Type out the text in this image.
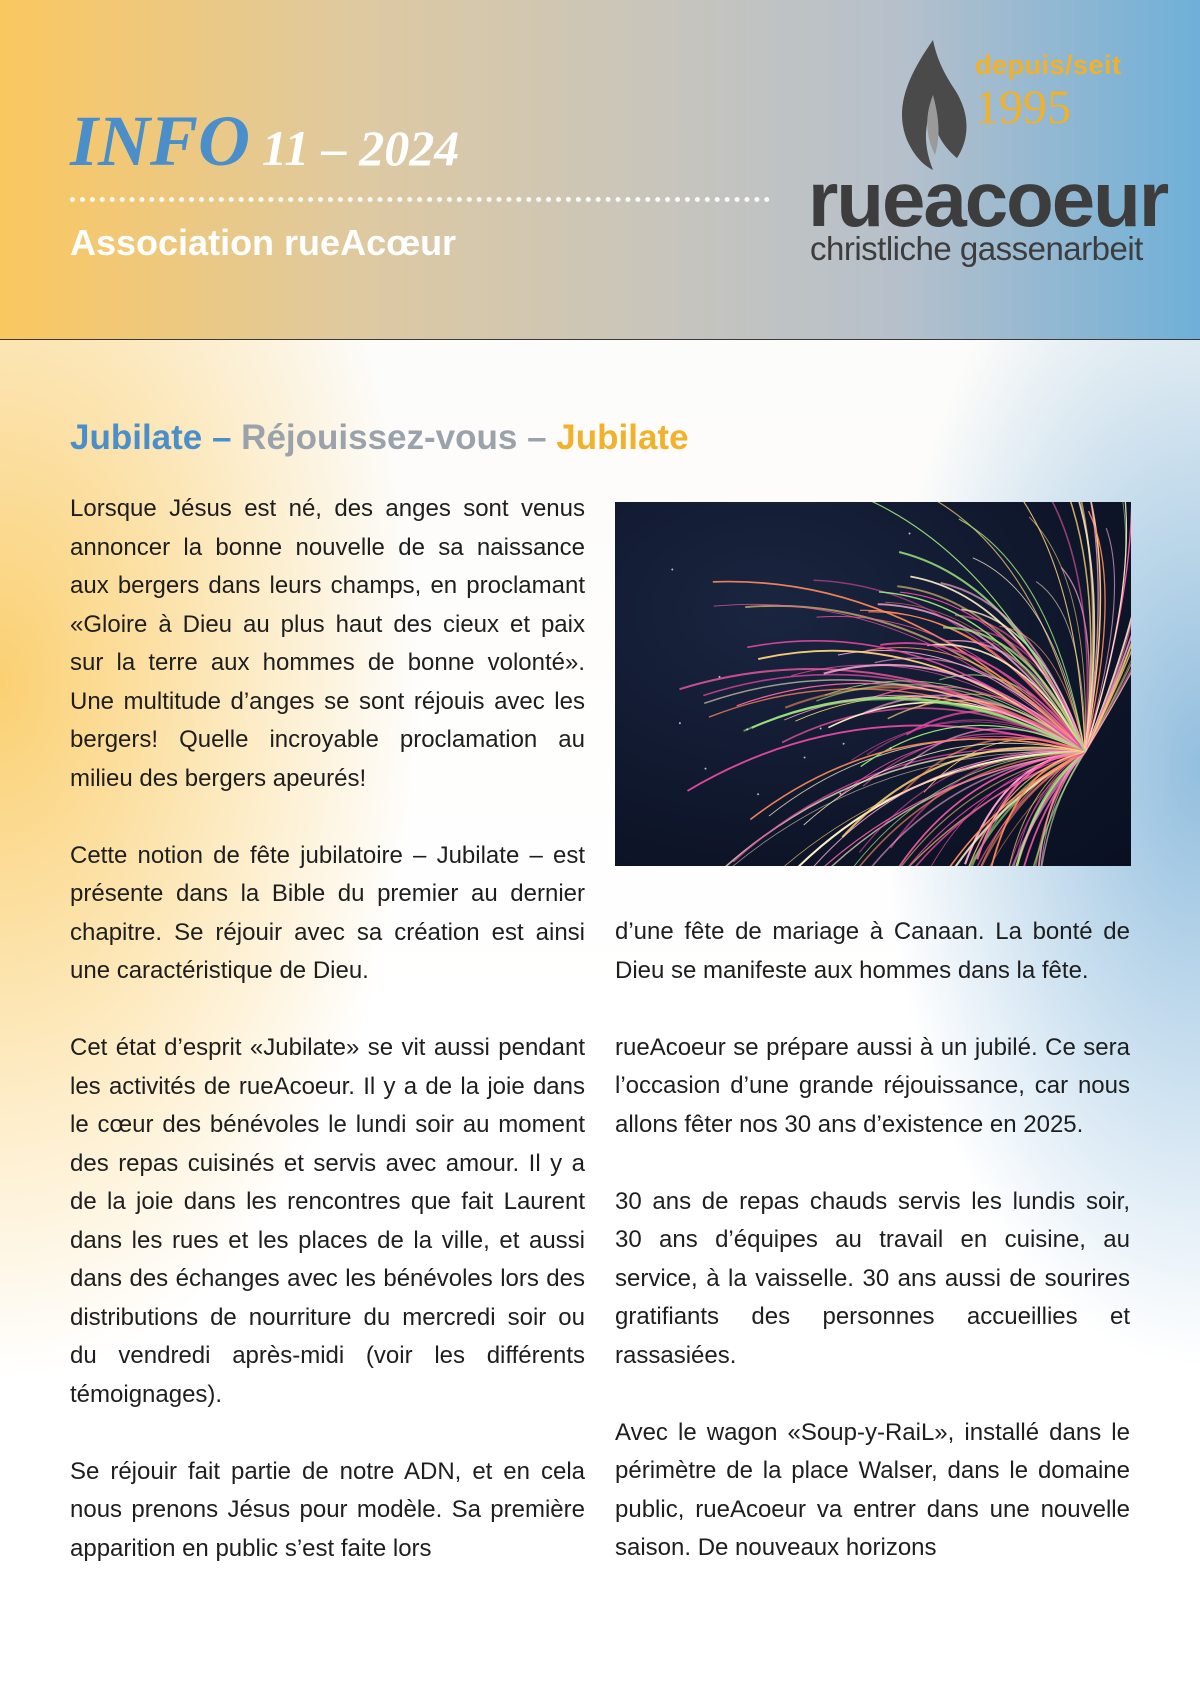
INFO 11 – 2024
Association rueAcœur
depuis/seit
1995
rueacoeur
christliche gassenarbeit
Jubilate – Réjouissez-vous – Jubilate

Lorsque Jésus est né, des anges sont venus annoncer la bonne nouvelle de sa naissance aux bergers dans leurs champs, en proclamant «Gloire à Dieu au plus haut des cieux et paix sur la terre aux hommes de bonne volonté». Une multitude d’anges se sont réjouis avec les bergers! Quelle incroyable proclamation au milieu des bergers apeurés!

Cette notion de fête jubilatoire – Jubilate – est présente dans la Bible du premier au dernier chapitre. Se réjouir avec sa création est ainsi une caractéristique de Dieu.

Cet état d’esprit «Jubilate» se vit aussi pendant les activités de rueAcoeur. Il y a de la joie dans le cœur des bénévoles le lundi soir au moment des repas cuisinés et servis avec amour. Il y a de la joie dans les rencontres que fait Laurent dans les rues et les places de la ville, et aussi dans des échanges avec les bénévoles lors des distributions de nourriture du mercredi soir ou du vendredi après-midi (voir les différents témoignages).

Se réjouir fait partie de notre ADN, et en cela nous prenons Jésus pour modèle. Sa première apparition en public s’est faite lors

d’une fête de mariage à Canaan. La bonté de Dieu se manifeste aux hommes dans la fête.

rueAcoeur se prépare aussi à un jubilé. Ce sera l’occasion d’une grande réjouissance, car nous allons fêter nos 30 ans d’existence en 2025.

30 ans de repas chauds servis les lundis soir, 30 ans d’équipes au travail en cuisine, au service, à la vaisselle. 30 ans aussi de sourires gratifiants des personnes accueillies et rassasiées.

Avec le wagon «Soup-y-RaiL», installé dans le périmètre de la place Walser, dans le domaine public, rueAcoeur va entrer dans une nouvelle saison. De nouveaux horizons
